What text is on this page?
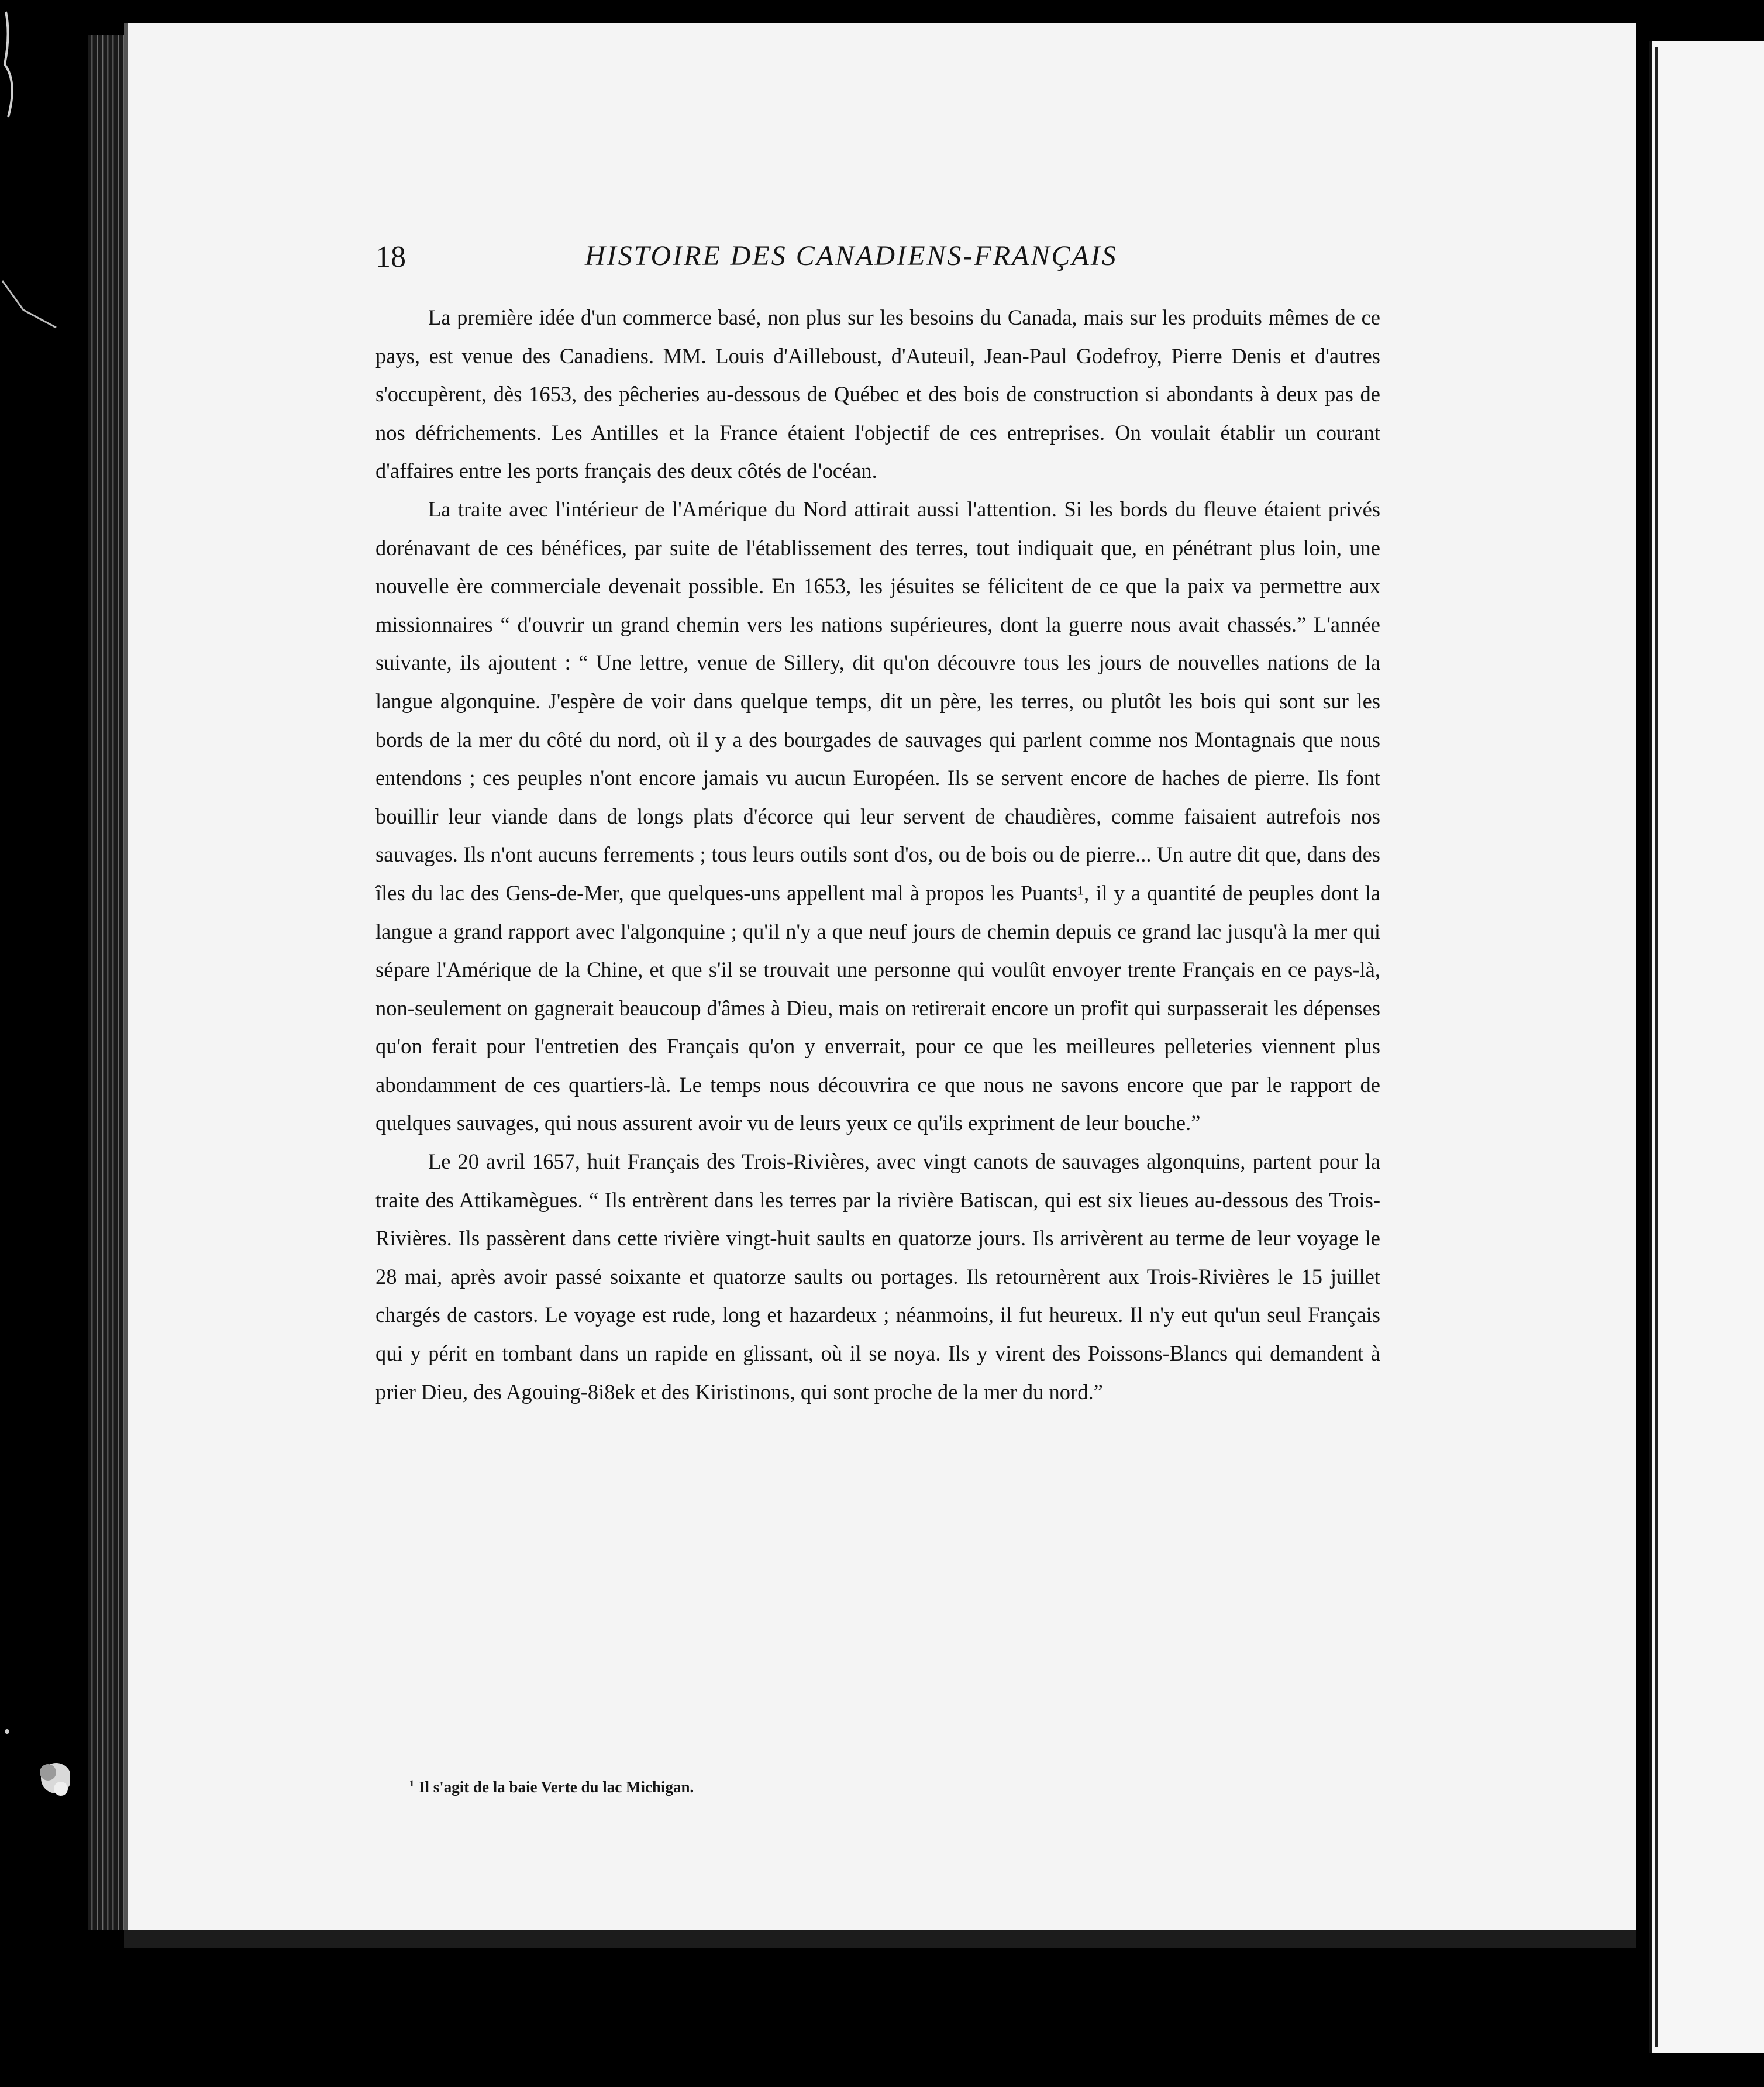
18	HISTOIRE DES CANADIENS-FRANÇAIS

La première idée d'un commerce basé, non plus sur les besoins du Canada, mais sur les produits mêmes de ce pays, est venue des Canadiens. MM. Louis d'Ailleboust, d'Auteuil, Jean-Paul Godefroy, Pierre Denis et d'autres s'occupèrent, dès 1653, des pêcheries au-dessous de Québec et des bois de construction si abondants à deux pas de nos défrichements. Les Antilles et la France étaient l'objectif de ces entreprises. On voulait établir un courant d'affaires entre les ports français des deux côtés de l'océan.

La traite avec l'intérieur de l'Amérique du Nord attirait aussi l'attention. Si les bords du fleuve étaient privés dorénavant de ces bénéfices, par suite de l'établissement des terres, tout indiquait que, en pénétrant plus loin, une nouvelle ère commerciale devenait possible. En 1653, les jésuites se félicitent de ce que la paix va permettre aux missionnaires “ d'ouvrir un grand chemin vers les nations supérieures, dont la guerre nous avait chassés.” L'année suivante, ils ajoutent : “ Une lettre, venue de Sillery, dit qu'on découvre tous les jours de nouvelles nations de la langue algonquine. J'espère de voir dans quelque temps, dit un père, les terres, ou plutôt les bois qui sont sur les bords de la mer du côté du nord, où il y a des bourgades de sauvages qui parlent comme nos Montagnais que nous entendons ; ces peuples n'ont encore jamais vu aucun Européen. Ils se servent encore de haches de pierre. Ils font bouillir leur viande dans de longs plats d'écorce qui leur servent de chaudières, comme faisaient autrefois nos sauvages. Ils n'ont aucuns ferrements ; tous leurs outils sont d'os, ou de bois ou de pierre... Un autre dit que, dans des îles du lac des Gens-de-Mer, que quelques-uns appellent mal à propos les Puants¹, il y a quantité de peuples dont la langue a grand rapport avec l'algonquine ; qu'il n'y a que neuf jours de chemin depuis ce grand lac jusqu'à la mer qui sépare l'Amérique de la Chine, et que s'il se trouvait une personne qui voulût envoyer trente Français en ce pays-là, non-seulement on gagnerait beaucoup d'âmes à Dieu, mais on retirerait encore un profit qui surpasserait les dépenses qu'on ferait pour l'entretien des Français qu'on y enverrait, pour ce que les meilleures pelleteries viennent plus abondamment de ces quartiers-là. Le temps nous découvrira ce que nous ne savons encore que par le rapport de quelques sauvages, qui nous assurent avoir vu de leurs yeux ce qu'ils expriment de leur bouche.”

Le 20 avril 1657, huit Français des Trois-Rivières, avec vingt canots de sauvages algonquins, partent pour la traite des Attikamègues. “ Ils entrèrent dans les terres par la rivière Batiscan, qui est six lieues au-dessous des Trois-Rivières. Ils passèrent dans cette rivière vingt-huit saults en quatorze jours. Ils arrivèrent au terme de leur voyage le 28 mai, après avoir passé soixante et quatorze saults ou portages. Ils retournèrent aux Trois-Rivières le 15 juillet chargés de castors. Le voyage est rude, long et hazardeux ; néanmoins, il fut heureux. Il n'y eut qu'un seul Français qui y périt en tombant dans un rapide en glissant, où il se noya. Ils y virent des Poissons-Blancs qui demandent à prier Dieu, des Agouing-8i8ek et des Kiristinons, qui sont proche de la mer du nord.”

$^1$ Il s'agit de la baie Verte du lac Michigan.
